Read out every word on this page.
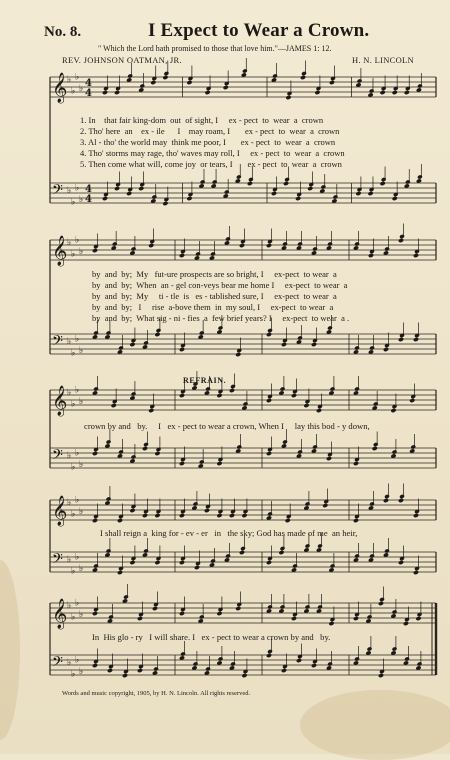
No. 8.	I Expect to Wear a Crown.
" Which the Lord hath promised to those that love him."—JAMES 1: 12.
REV. JOHNSON OATMAN, JR.	H. N. LINCOLN
𝄞 ♭
♭
♭
♭ 4
4
𝄢 ♭
♭
♭
♭
4
4
𝄞 ♭
♭
♭
♭
𝄢 ♭
♭
♭
♭
𝄞 ♭
♭
♭
♭
𝄢 ♭
♭
♭
♭
𝄞 ♭
♭
♭
♭
𝄢 ♭
♭
♭
♭
𝄞 ♭
♭
♭
♭
𝄢 ♭
♭
♭
♭
1. In    that fair king-dom  out  of sight, I     ex - pect  to  wear  a  crown
2. Tho' here  an    ex - ile      I    may roam, I       ex - pect  to  wear  a  crown
3. Al - tho' the world may  think me poor, I       ex - pect  to  wear  a  crown
4. Tho' storms may rage, tho' waves may roll, I     ex - pect  to  wear  a  crown
5. Then come what will, come joy  or tears, I       ex - pect  to  wear  a  crown
by  and  by;  My   fut-ure prospects are so bright, I     ex-pect  to wear  a
by  and  by;  When  an - gel con-veys bear me home I     ex-pect  to wear  a
by  and  by;  My     ti - tle  is   es - tablished sure, I     ex-pect  to wear  a
by  and  by;   I     rise  a-bove them  in  my soul, I     ex-pect  to wear  a
by  and  by;  What sig - ni - fies  a  few brief years? I     ex-pect  to wear  a .
REFRAIN.
crown by and   by.     I   ex - pect to wear a crown, When I     lay this bod - y down,
I shall reign a  king for - ev - er   in   the sky; God has made of me  an heir,
In  His glo - ry   I will share. I   ex - pect to wear a crown by and   by.
Words and music copyright, 1905, by H. N. Lincoln. All rights reserved.
